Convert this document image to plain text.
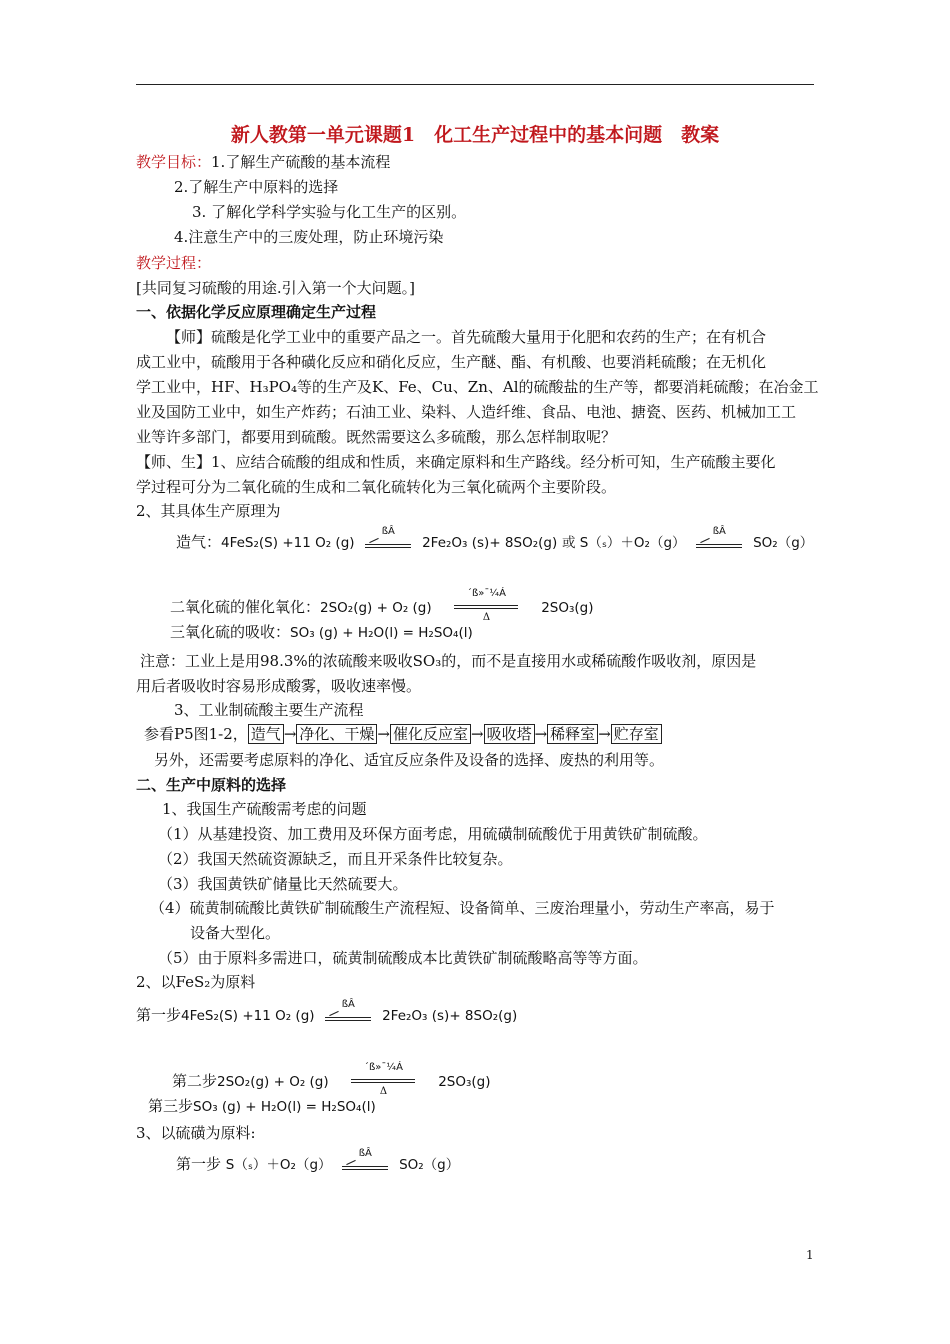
新人教第一单元课题1　化工生产过程中的基本问题　教案
教学目标：1.了解生产硫酸的基本流程
2.了解生产中原料的选择
3. 了解化学科学实验与化工生产的区别。
4.注意生产中的三废处理，防止环境污染
教学过程：
[共同复习硫酸的用途.引入第一个大问题。]
一、依据化学反应原理确定生产过程
【师】硫酸是化学工业中的重要产品之一。首先硫酸大量用于化肥和农药的生产；在有机合
成工业中，硫酸用于各种磺化反应和硝化反应，生产醚、酯、有机酸、也要消耗硫酸；在无机化
学工业中，HF、H₃PO₄等的生产及K、Fe、Cu、Zn、Al的硫酸盐的生产等，都要消耗硫酸；在冶金工
业及国防工业中，如生产炸药；石油工业、染料、人造纤维、食品、电池、搪瓷、医药、机械加工工
业等许多部门，都要用到硫酸。既然需要这么多硫酸，那么怎样制取呢？
【师、生】1、应结合硫酸的组成和性质，来确定原料和生产路线。经分析可知，生产硫酸主要化
学过程可分为二氧化硫的生成和二氧化硫转化为三氧化硫两个主要阶段。
2、其具体生产原理为
造气：4FeS₂(S) +11 O₂ (g)
ßÂ
2Fe₂O₃ (s)+ 8SO₂(g) 或 S（ₛ）＋O₂（g）
ßÂ
SO₂（g）
二氧化硫的催化氧化：2SO₂(g) + O₂ $(g) \frac{\text{´ß»¯¼Á}}{\Delta} 2SO_3(g)$
三氧化硫的吸收：SO₃ (g) + H₂O(l) = H₂SO₄(l)
注意：工业上是用98.3%的浓硫酸来吸收SO₃的，而不是直接用水或稀硫酸作吸收剂，原因是
用后者吸收时容易形成酸雾，吸收速率慢。
3、工业制硫酸主要生产流程
参看P5图1-2， 造气 → 净化、干燥 → 催化反应室 → 吸收塔 → 稀释室 → 贮存室
另外，还需要考虑原料的净化、适宜反应条件及设备的选择、废热的利用等。
二、生产中原料的选择
1、我国生产硫酸需考虑的问题
（1）从基建投资、加工费用及环保方面考虑，用硫磺制硫酸优于用黄铁矿制硫酸。
（2）我国天然硫资源缺乏，而且开采条件比较复杂。
（3）我国黄铁矿储量比天然硫要大。
（4）硫黄制硫酸比黄铁矿制硫酸生产流程短、设备简单、三废治理量小，劳动生产率高，易于
设备大型化。
（5）由于原料多需进口，硫黄制硫酸成本比黄铁矿制硫酸略高等等方面。
2、以FeS₂为原料
第一步4FeS₂(S) +11 O₂ (g)
ßÂ
2Fe₂O₃ (s)+ 8SO₂(g)
第二步2SO₂(g) + O₂ $(g) \frac{\text{´ß»¯¼Á}}{\Delta} 2SO_3(g)$
第三步SO₃ (g) + H₂O(l) = H₂SO₄(l)
3、以硫磺为原料:
第一步 S（ₛ）＋O₂（g）
ßÂ
SO₂（g）
1
